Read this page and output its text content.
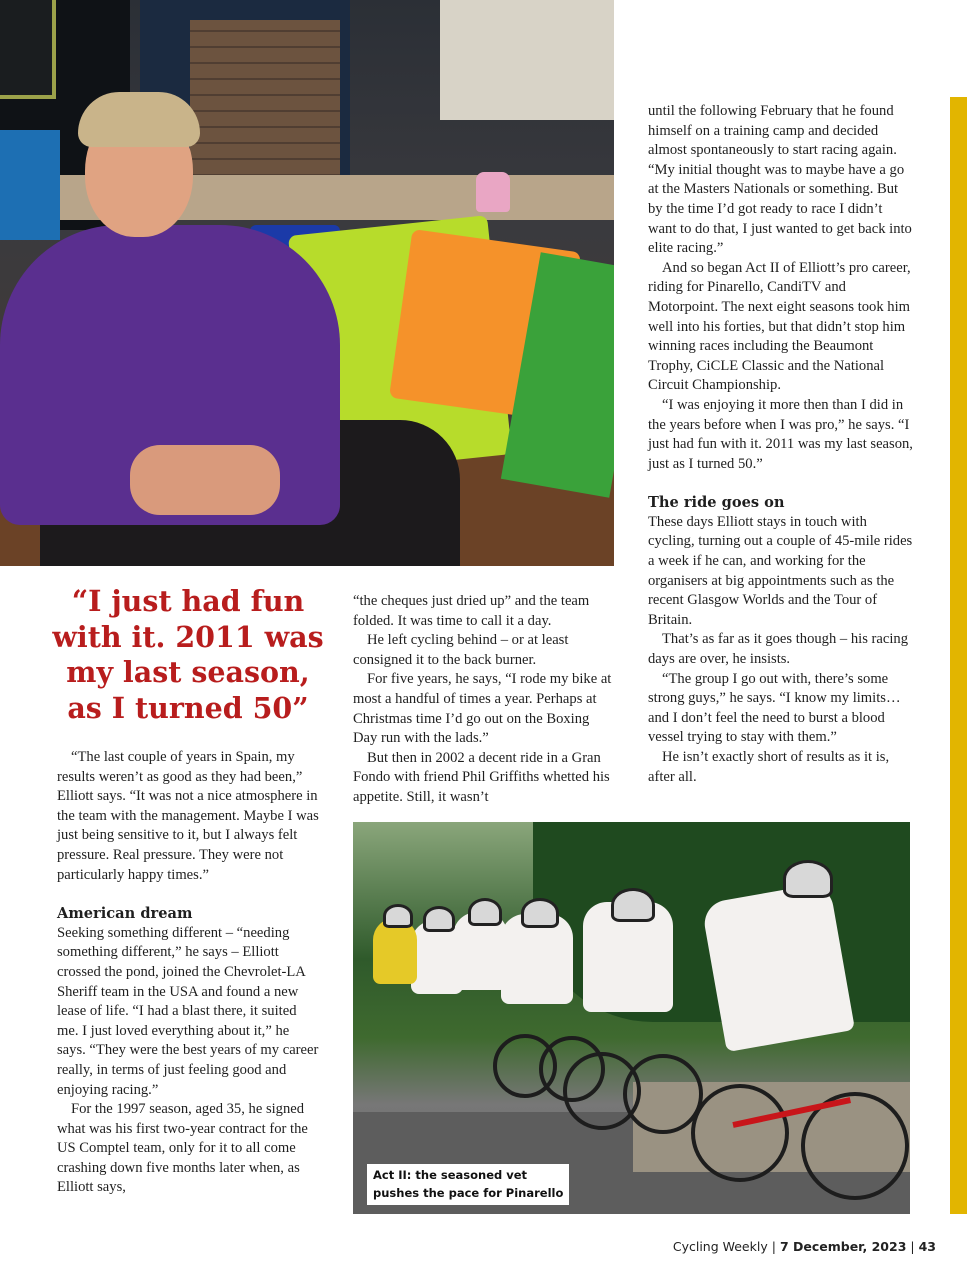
“I just had fun
with it. 2011 was
my last season,
as I turned 50”

“The last couple of years in Spain, my results weren’t as good as they had been,” Elliott says. “It was not a nice atmosphere in the team with the management. Maybe I was just being sensitive to it, but I always felt pressure. Real pressure. They were not particularly happy times.”

American dream

Seeking something different – “needing something different,” he says – Elliott crossed the pond, joined the Chevrolet-LA Sheriff team in the USA and found a new lease of life. “I had a blast there, it suited me. I just loved everything about it,” he says. “They were the best years of my career really, in terms of just feeling good and enjoying racing.”

For the 1997 season, aged 35, he signed what was his first two-year contract for the US Comptel team, only for it to all come crashing down five months later when, as Elliott says,

“the cheques just dried up” and the team folded. It was time to call it a day.

He left cycling behind – or at least consigned it to the back burner.

For five years, he says, “I rode my bike at most a handful of times a year. Perhaps at Christmas time I’d go out on the Boxing Day run with the lads.”

But then in 2002 a decent ride in a Gran Fondo with friend Phil Griffiths whetted his appetite. Still, it wasn’t

until the following February that he found himself on a training camp and decided almost spontaneously to start racing again. “My initial thought was to maybe have a go at the Masters Nationals or something. But by the time I’d got ready to race I didn’t want to do that, I just wanted to get back into elite racing.”

And so began Act II of Elliott’s pro career, riding for Pinarello, CandiTV and Motorpoint. The next eight seasons took him well into his forties, but that didn’t stop him winning races including the Beaumont Trophy, CiCLE Classic and the National Circuit Championship.

“I was enjoying it more then than I did in the years before when I was pro,” he says. “I just had fun with it. 2011 was my last season, just as I turned 50.”

The ride goes on

These days Elliott stays in touch with cycling, turning out a couple of 45-mile rides a week if he can, and working for the organisers at big appointments such as the recent Glasgow Worlds and the Tour of Britain.

That’s as far as it goes though – his racing days are over, he insists.

“The group I go out with, there’s some strong guys,” he says. “I know my limits… and I don’t feel the need to burst a blood vessel trying to stay with them.”

He isn’t exactly short of results as it is, after all.

Act II: the seasoned vet
pushes the pace for Pinarello
Cycling Weekly | 7 December, 2023 | 43
